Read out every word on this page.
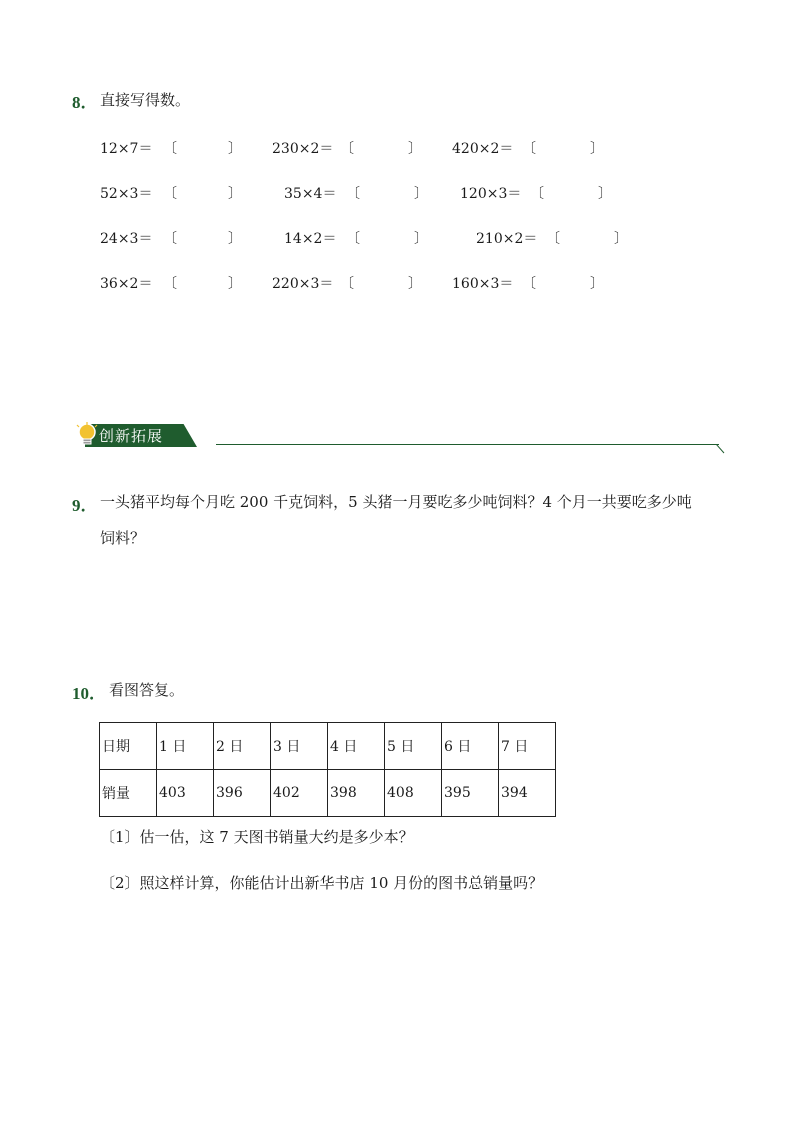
8． 直接写得数。
12×7＝ 〔	〕 230×2＝ 〔	〕 420×2＝ 〔	〕
52×3＝ 〔	〕	35×4＝ 〔	〕 120×3＝ 〔	〕
24×3＝ 〔	〕	14×2＝ 〔	〕	210×2＝ 〔	〕
36×2＝ 〔	〕 220×3＝ 〔	〕 160×3＝ 〔	〕
创新拓展
9． 一头猪平均每个月吃 200 千克饲料，5 头猪一月要吃多少吨饲料？4 个月一共要吃多少吨
饲料？
10． 看图答复。
日期	1 日	2 日	3 日	4 日	5 日	6 日	7 日
销量	403	396	402	398	408	395	394
〔1〕估一估，这 7 天图书销量大约是多少本？
〔2〕照这样计算，你能估计出新华书店 10 月份的图书总销量吗？
